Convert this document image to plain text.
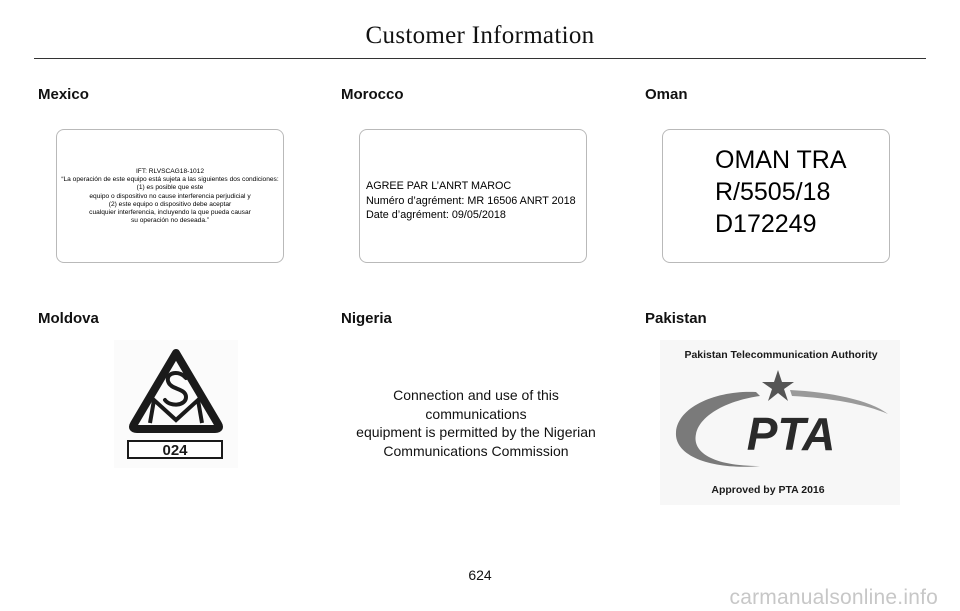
Customer Information
Mexico	Morocco	Oman
IFT: RLVSCAG18-1012
“La operación de este equipo está sujeta a las siguientes dos condiciones:
(1) es posible que este
equipo o dispositivo no cause interferencia perjudicial y
(2) este equipo o dispositivo debe aceptar
cualquier interferencia, incluyendo la que pueda causar
su operación no deseada.”
AGREE PAR L’ANRT MAROC
Numéro d’agrément: MR 16506 ANRT 2018
Date d’agrément: 09/05/2018
OMAN TRA
R/5505/18
D172249
Moldova	Nigeria	Pakistan
024
Connection and use of this
communications
equipment is permitted by the Nigerian
Communications Commission
Pakistan Telecommunication Authority
PTA
Approved by PTA 2016
624
carmanualsonline.info
